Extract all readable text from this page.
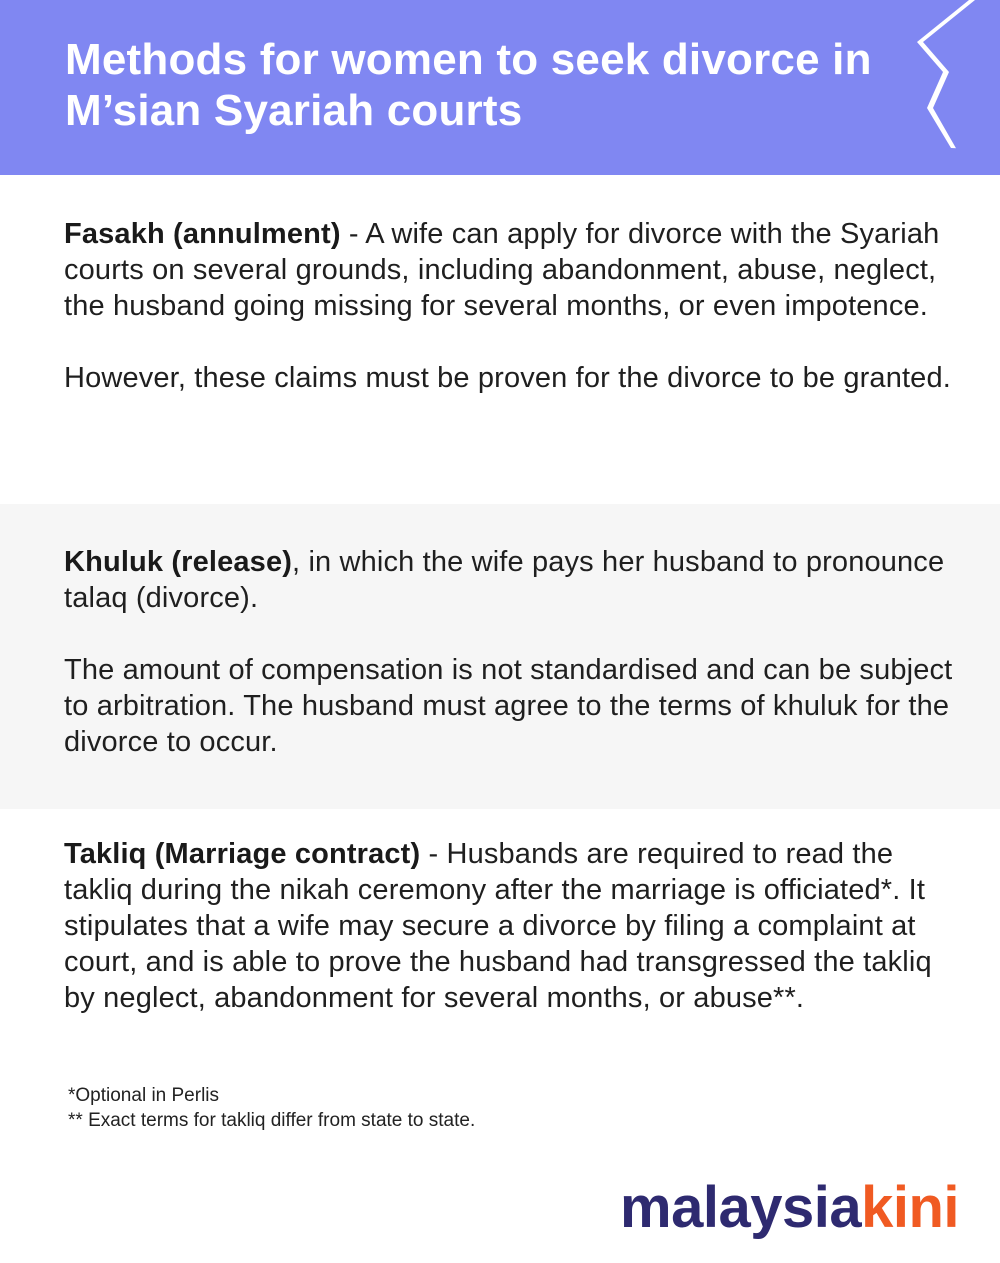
Methods for women to seek divorce in M’sian Syariah courts

Fasakh (annulment) - A wife can apply for divorce with the Syariah courts on several grounds, including abandonment, abuse, neglect, the husband going missing for several months, or even impotence.

However, these claims must be proven for the divorce to be granted.

Khuluk (release), in which the wife pays her husband to pronounce talaq (divorce).

The amount of compensation is not standardised and can be subject to arbitration. The husband must agree to the terms of khuluk for the divorce to occur.

Takliq (Marriage contract) - Husbands are required to read the takliq during the nikah ceremony after the marriage is officiated*. It stipulates that a wife may secure a divorce by filing a complaint at court, and is able to prove the husband had transgressed the takliq by neglect, abandonment for several months, or abuse**.

*Optional in Perlis

** Exact terms for takliq differ from state to state.

malaysiakini
